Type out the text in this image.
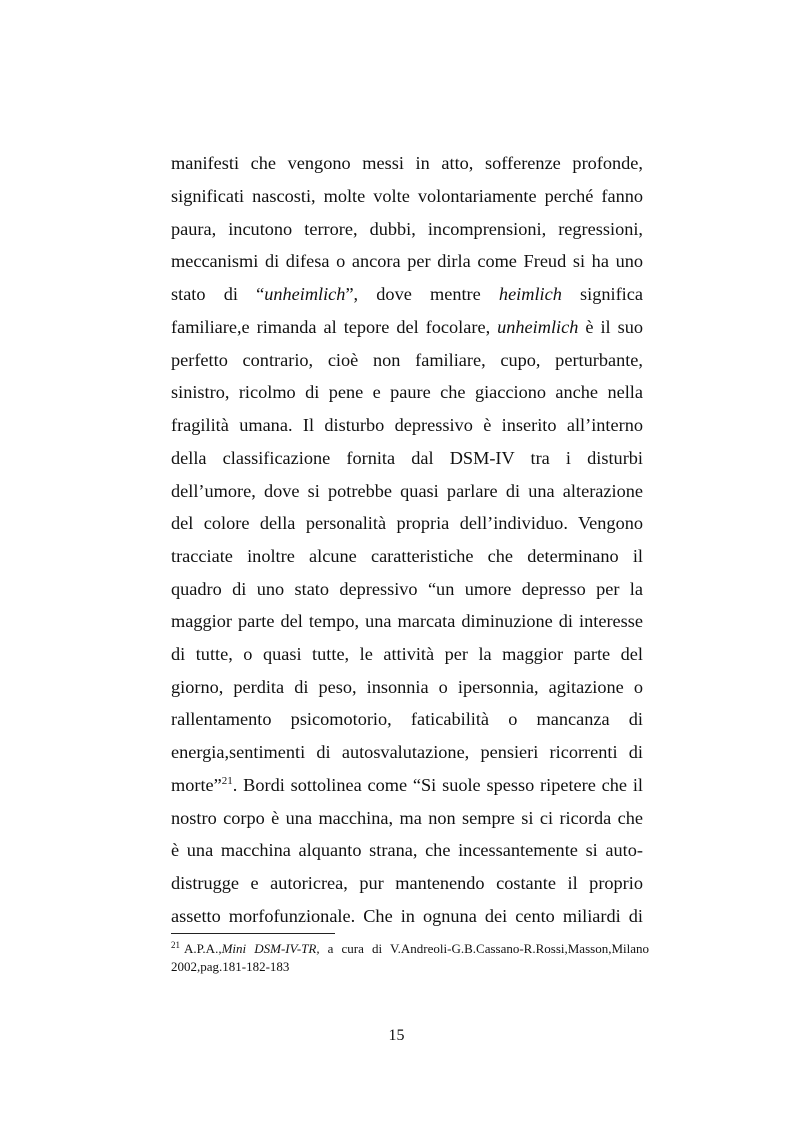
manifesti che vengono messi in atto, sofferenze profonde,
significati nascosti, molte volte volontariamente perché fanno
paura, incutono terrore, dubbi, incomprensioni, regressioni,
meccanismi di difesa o ancora per dirla come Freud si ha uno
stato di “unheimlich”, dove mentre heimlich significa
familiare,e rimanda al tepore del focolare, unheimlich è il suo
perfetto contrario, cioè non familiare, cupo, perturbante,
sinistro, ricolmo di pene e paure che giacciono anche nella
fragilità umana. Il disturbo depressivo è inserito all’interno
della classificazione fornita dal DSM-IV tra i disturbi
dell’umore, dove si potrebbe quasi parlare di una alterazione
del colore della personalità propria dell’individuo. Vengono
tracciate inoltre alcune caratteristiche che determinano il
quadro di uno stato depressivo “un umore depresso per la
maggior parte del tempo, una marcata diminuzione di interesse
di tutte, o quasi tutte, le attività per la maggior parte del
giorno, perdita di peso, insonnia o ipersonnia, agitazione o
rallentamento psicomotorio, faticabilità o mancanza di
energia,sentimenti di autosvalutazione, pensieri ricorrenti di
morte”$^{21}$. Bordi sottolinea come “Si suole spesso ripetere che il
nostro corpo è una macchina, ma non sempre si ci ricorda che
è una macchina alquanto strana, che incessantemente si auto-
distrugge e autoricrea, pur mantenendo costante il proprio
assetto morfofunzionale. Che in ognuna dei cento miliardi di
$^{21}$ A.P.A.,Mini DSM-IV-TR, a cura di V.Andreoli-G.B.Cassano-R.Rossi,Masson,Milano
2002,pag.181-182-183
15
